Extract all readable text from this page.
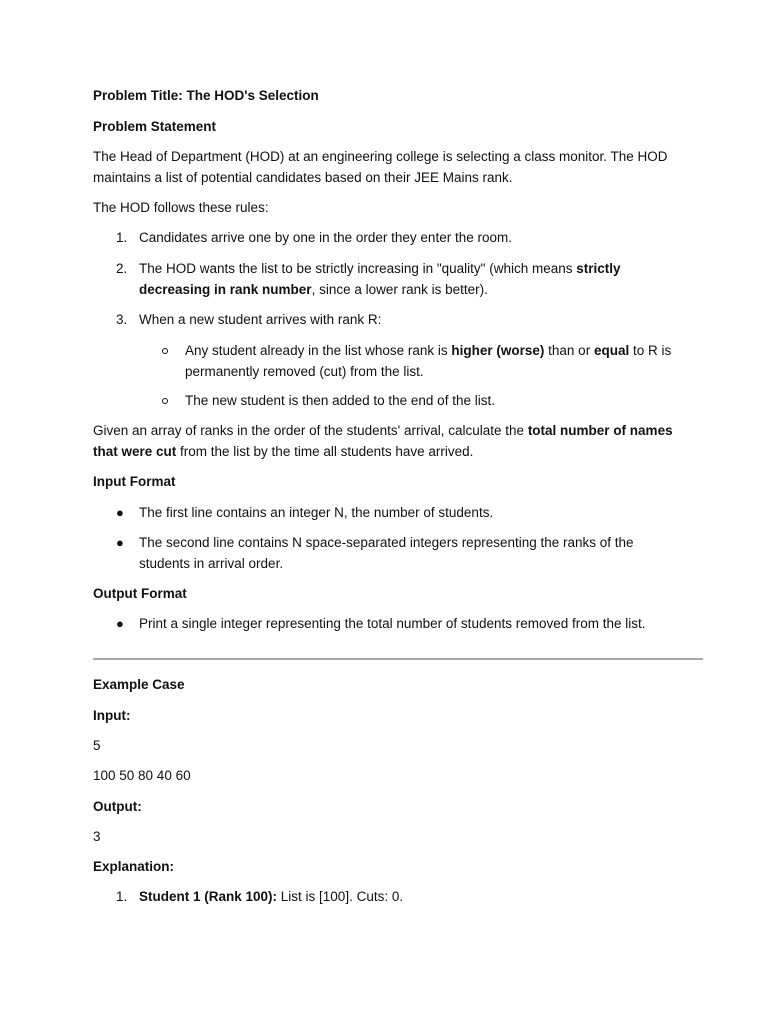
Problem Title: The HOD's Selection
Problem Statement
The Head of Department (HOD) at an engineering college is selecting a class monitor. The HOD
maintains a list of potential candidates based on their JEE Mains rank.
The HOD follows these rules:
1. Candidates arrive one by one in the order they enter the room.
2. The HOD wants the list to be strictly increasing in "quality" (which means strictly
decreasing in rank number, since a lower rank is better).
3. When a new student arrives with rank R:
Any student already in the list whose rank is higher (worse) than or equal to R is
permanently removed (cut) from the list.
The new student is then added to the end of the list.
Given an array of ranks in the order of the students' arrival, calculate the total number of names
that were cut from the list by the time all students have arrived.
Input Format
● The first line contains an integer N, the number of students.
● The second line contains N space-separated integers representing the ranks of the
students in arrival order.
Output Format
● Print a single integer representing the total number of students removed from the list.
Example Case
Input:
5
100 50 80 40 60
Output:
3
Explanation:
1. Student 1 (Rank 100): List is [100]. Cuts: 0.
